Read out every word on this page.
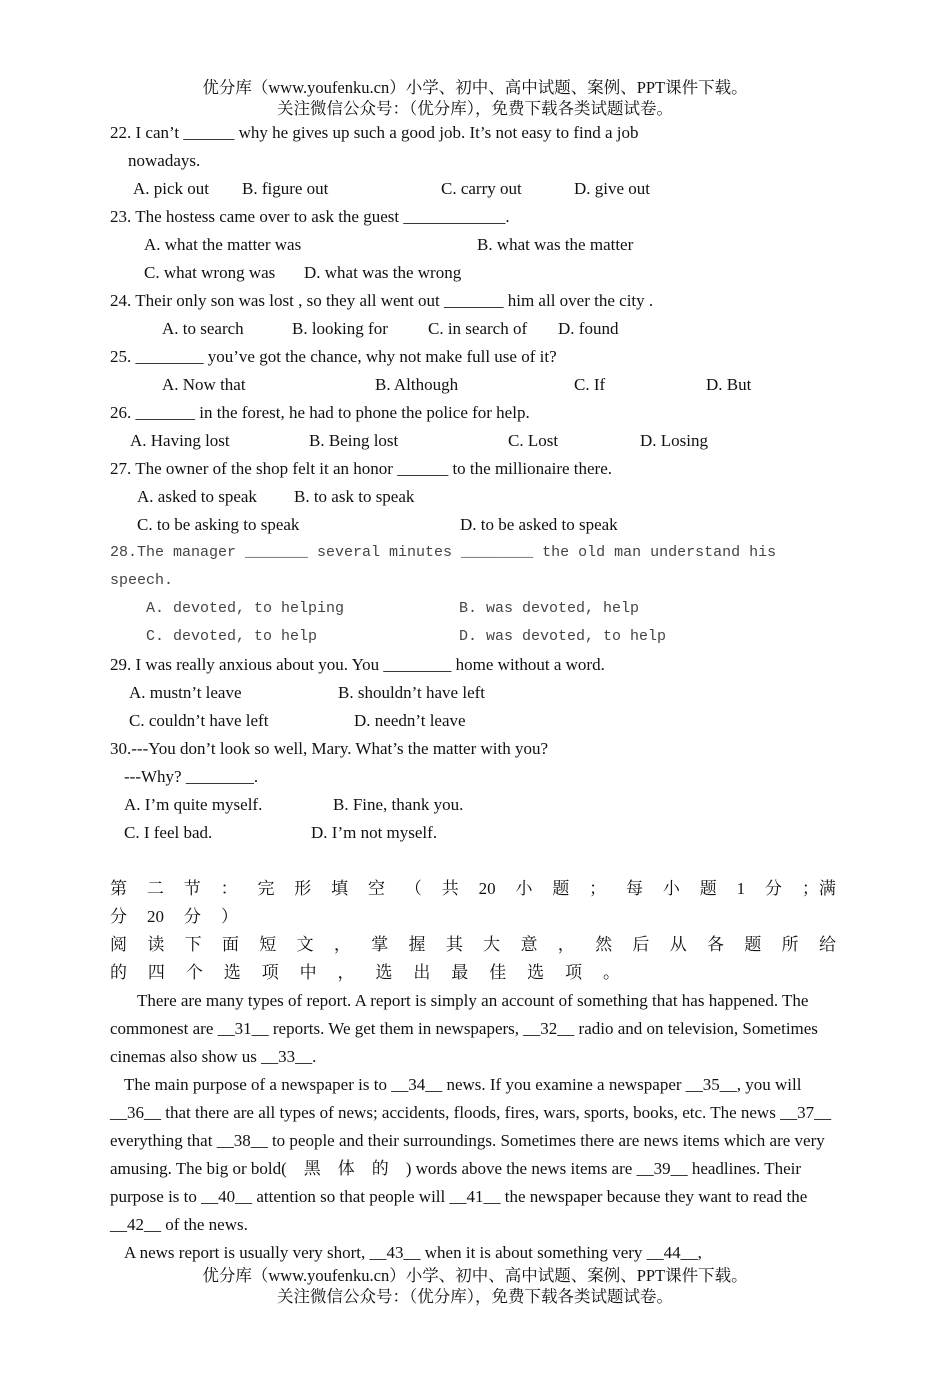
优分库（www.youfenku.cn）小学、初中、高中试题、案例、PPT课件下载。
关注微信公众号：（优分库），免费下载各类试题试卷。
22. I can’t ______ why he gives up such a good job. It’s not easy to find a job
nowadays.
A. pick out B. figure out	C. carry out	D. give out
23. The hostess came over to ask the guest ____________.
A. what the matter was	B. what was the matter
C. what wrong was D. what was the wrong
24. Their only son was lost , so they all went out _______ him all over the city .
A. to search	B. looking for C. in search of D. found
25. ________ you’ve got the chance, why not make full use of it?
A. Now that	B. Although	C. If	D. But
26. _______ in the forest, he had to phone the police for help.
A. Having lost	B. Being lost	C. Lost	D. Losing
27. The owner of the shop felt it an honor ______ to the millionaire there.
A. asked to speak B. to ask to speak
C. to be asking to speak	D. to be asked to speak
28.The manager _______ several minutes ________ the old man understand his
speech.
A. devoted, to helping	B. was devoted, help
C. devoted, to help	D. was devoted, to help
29. I was really anxious about you. You ________ home without a word.
A. mustn’t leave	B. shouldn’t have left
C. couldn’t have left	D. needn’t leave
30.---You don’t look so well, Mary. What’s the matter with you?
---Why? ________.
A. I’m quite myself.	B. Fine, thank you.
C. I feel bad.	D. I’m not myself.
第 二 节 ： 完 形 填 空 （ 共 20 小 题 ； 每 小 题 1 分 ；满
分 20 分 ）
阅 读 下 面 短 文 ， 掌 握 其 大 意 ， 然 后 从 各 题 所 给
的 四 个 选 项 中 ， 选 出 最 佳 选 项 。
There are many types of report. A report is simply an account of something that has happened. The commonest are __31__ reports. We get them in newspapers, __32__ radio and on television, Sometimes cinemas also show us __33__.
The main purpose of a newspaper is to __34__ news. If you examine a newspaper __35__, you will __36__ that there are all types of news; accidents, floods, fires, wars, sports, books, etc. The news __37__ everything that __38__ to people and their surroundings. Sometimes there are news items which are very amusing. The big or bold(　黑　体　的　) words above the news items are __39__ headlines. Their purpose is to __40__ attention so that people will __41__ the newspaper because they want to read the __42__ of the news.
A news report is usually very short, __43__ when it is about something very __44__,
优分库（www.youfenku.cn）小学、初中、高中试题、案例、PPT课件下载。
关注微信公众号：（优分库），免费下载各类试题试卷。
